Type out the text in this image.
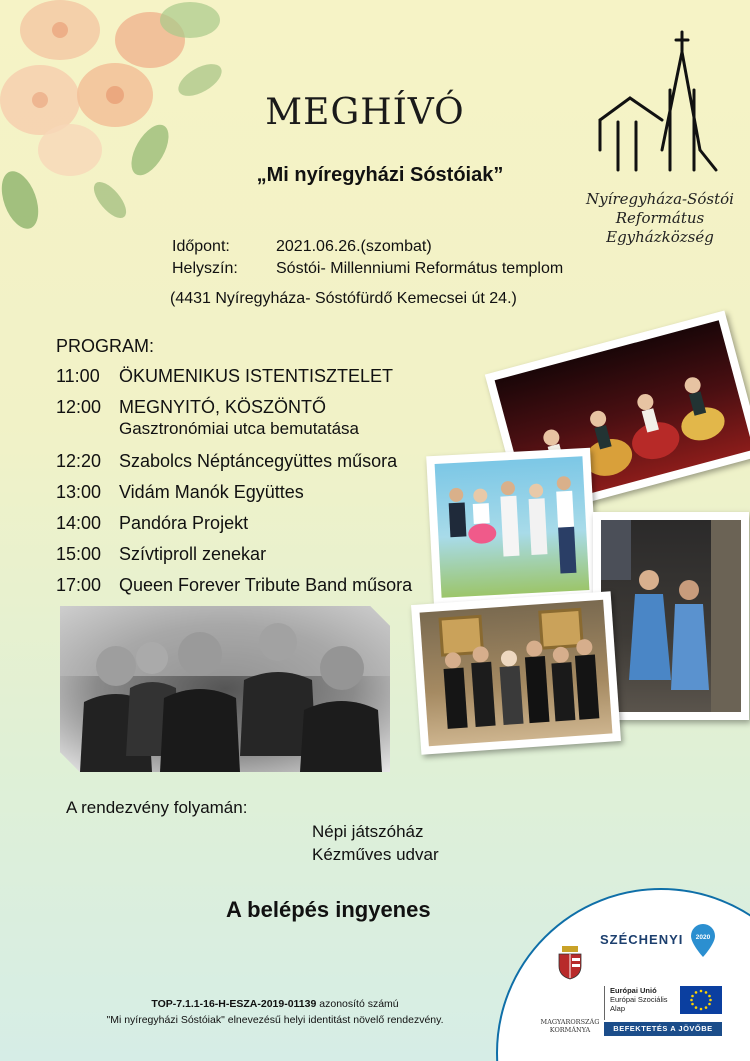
MEGHÍVÓ
„Mi nyíregyházi Sóstóiak”
Nyíregyháza-Sóstói
Református
Egyházközség
Időpont:	2021.06.26.(szombat)
Helyszín:	Sóstói- Millenniumi Református templom
(4431 Nyíregyháza- Sóstófürdő Kemecsei út 24.)
PROGRAM:
11:00	ÖKUMENIKUS ISTENTISZTELET
12:00 MEGNYITÓ, KÖSZÖNTŐ
Gasztronómiai utca bemutatása
12:20 Szabolcs Néptáncegyüttes műsora
13:00 Vidám Manók Együttes
14:00 Pandóra Projekt
15:00 Szívtiproll zenekar
17:00 Queen Forever Tribute Band műsora
A rendezvény folyamán:
Népi játszóház
Kézműves udvar
A belépés ingyenes
TOP-7.1.1-16-H-ESZA-2019-01139 azonosító számú
"Mi nyíregyházi Sóstóiak" elnevezésű helyi identitást növelő rendezvény.
SZÉCHENYI 2020
MAGYARORSZÁG
KORMÁNYA
Európai Unió
Európai Szociális
Alap
BEFEKTETÉS A JÖVŐBE
